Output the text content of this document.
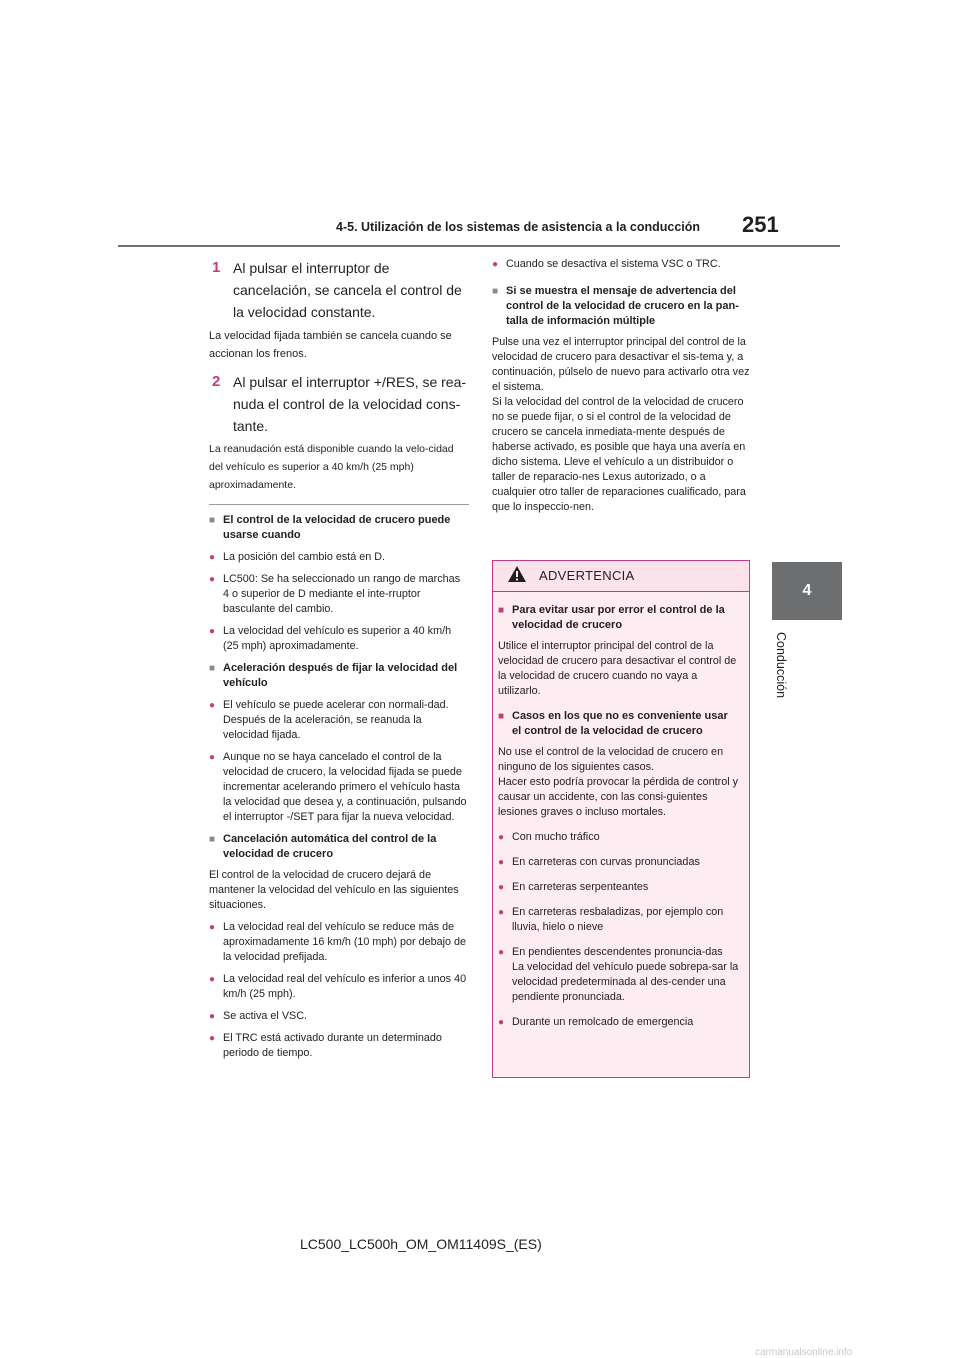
4-5. Utilización de los sistemas de asistencia a la conducción 251
4
Conducción
1 Al pulsar el interruptor de cancelación, se cancela el control de la velocidad constante.

La velocidad fijada también se cancela cuando se accionan los frenos.

2 Al pulsar el interruptor +/RES, se rea-nuda el control de la velocidad cons-tante.

La reanudación está disponible cuando la velo-cidad del vehículo es superior a 40 km/h (25 mph) aproximadamente.

■ El control de la velocidad de crucero puede usarse cuando
● La posición del cambio está en D.
● LC500: Se ha seleccionado un rango de marchas 4 o superior de D mediante el inte-rruptor basculante del cambio.
● La velocidad del vehículo es superior a 40 km/h (25 mph) aproximadamente.
■ Aceleración después de fijar la velocidad del vehículo
● El vehículo se puede acelerar con normali-dad. Después de la aceleración, se reanuda la velocidad fijada.
● Aunque no se haya cancelado el control de la velocidad de crucero, la velocidad fijada se puede incrementar acelerando primero el vehículo hasta la velocidad que desea y, a continuación, pulsando el interruptor -/SET para fijar la nueva velocidad.
■ Cancelación automática del control de la velocidad de crucero
El control de la velocidad de crucero dejará de mantener la velocidad del vehículo en las siguientes situaciones.
● La velocidad real del vehículo se reduce más de aproximadamente 16 km/h (10 mph) por debajo de la velocidad prefijada.
● La velocidad real del vehículo es inferior a unos 40 km/h (25 mph).
● Se activa el VSC.
● El TRC está activado durante un determinado periodo de tiempo.
● Cuando se desactiva el sistema VSC o TRC.
■ Si se muestra el mensaje de advertencia del control de la velocidad de crucero en la pan-talla de información múltiple
Pulse una vez el interruptor principal del control de la velocidad de crucero para desactivar el sis-tema y, a continuación, púlselo de nuevo para activarlo otra vez el sistema.
Si la velocidad del control de la velocidad de crucero no se puede fijar, o si el control de la velocidad de crucero se cancela inmediata-mente después de haberse activado, es posible que haya una avería en dicho sistema. Lleve el vehículo a un distribuidor o taller de reparacio-nes Lexus autorizado, o a cualquier otro taller de reparaciones cualificado, para que lo inspeccio-nen.
ADVERTENCIA
■ Para evitar usar por error el control de la velocidad de crucero
Utilice el interruptor principal del control de la velocidad de crucero para desactivar el control de la velocidad de crucero cuando no vaya a utilizarlo.
■ Casos en los que no es conveniente usar el control de la velocidad de crucero
No use el control de la velocidad de crucero en ninguno de los siguientes casos.
Hacer esto podría provocar la pérdida de control y causar un accidente, con las consi-guientes lesiones graves o incluso mortales.
● Con mucho tráfico
● En carreteras con curvas pronunciadas
● En carreteras serpenteantes
● En carreteras resbaladizas, por ejemplo con lluvia, hielo o nieve
● En pendientes descendentes pronuncia-das
La velocidad del vehículo puede sobrepa-sar la velocidad predeterminada al des-cender una pendiente pronunciada.
● Durante un remolcado de emergencia
LC500_LC500h_OM_OM11409S_(ES)
carmanualsonline.info
